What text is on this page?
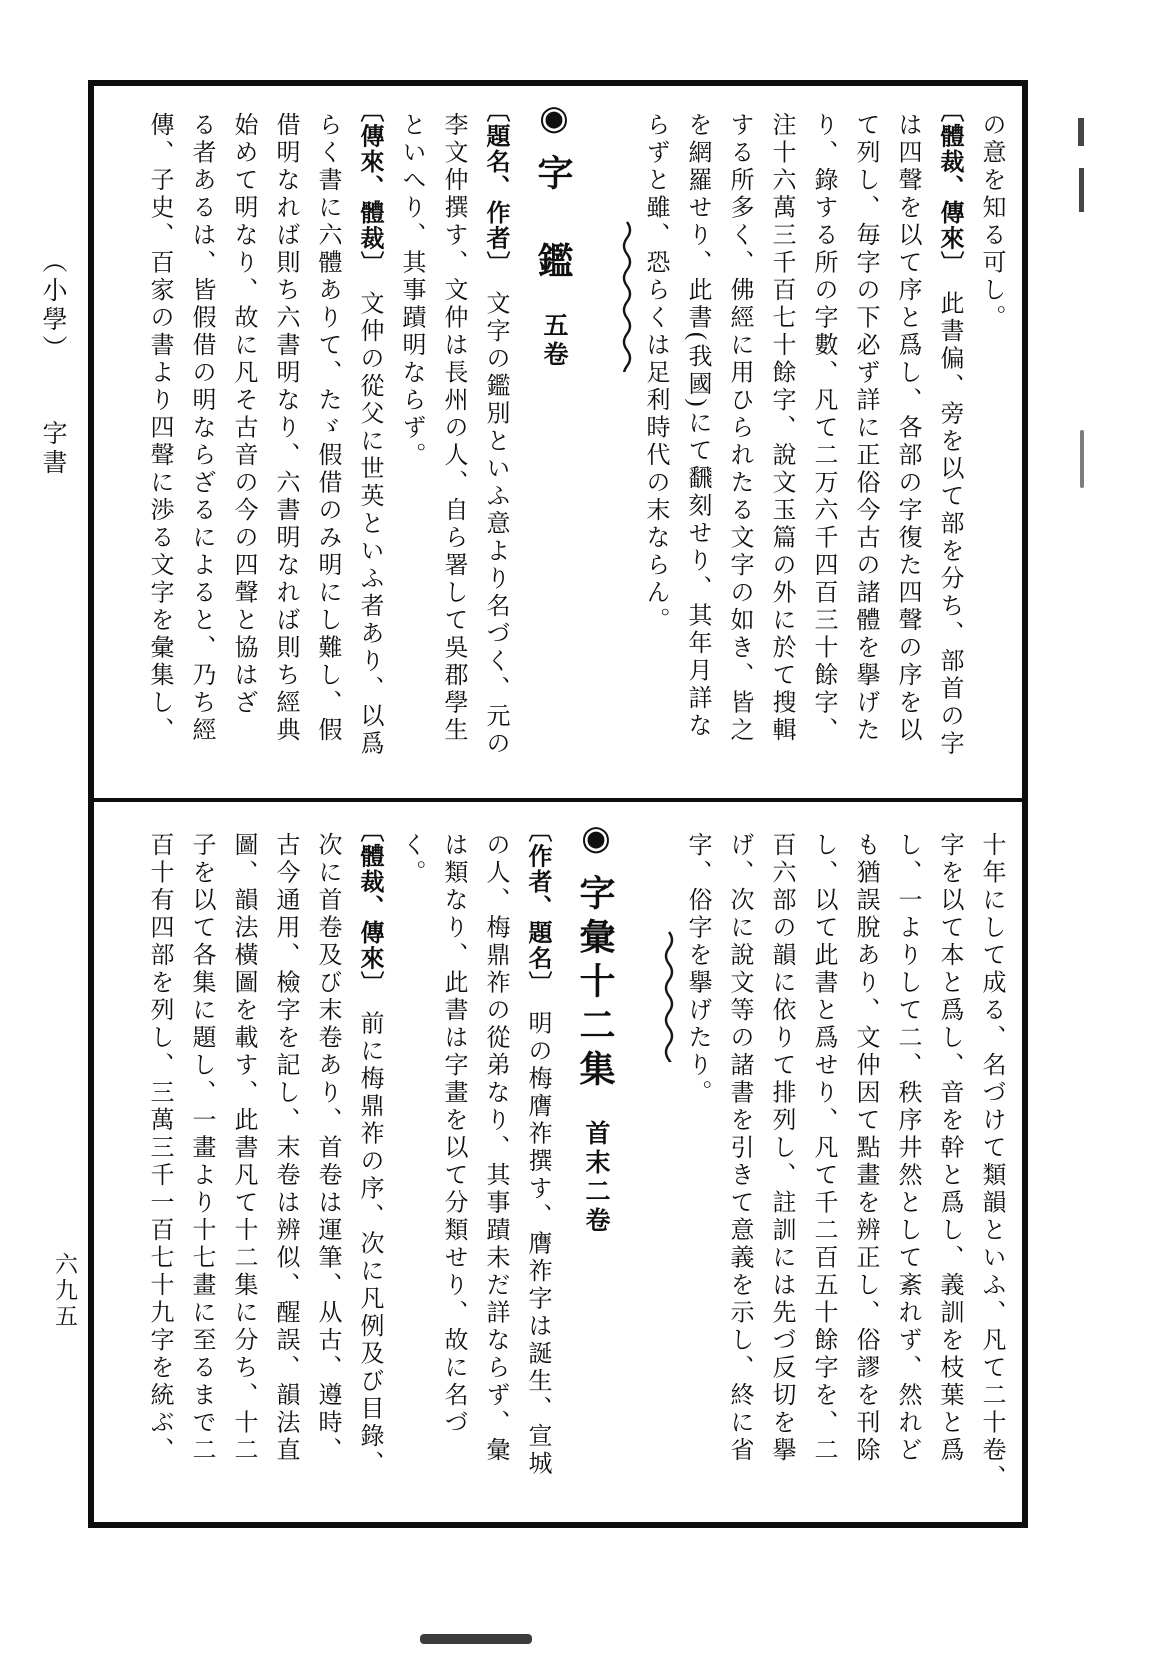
の意を知る可し。

〔體裁、傳來〕此書偏、旁を以て部を分ち、部首の字

は四聲を以て序と爲し、各部の字復た四聲の序を以

て列し、毎字の下必ず詳に正俗今古の諸體を擧げた

り、錄する所の字數、凡て二万六千四百三十餘字、

注十六萬三千百七十餘字、說文玉篇の外に於て搜輯

する所多く、佛經に用ひられたる文字の如き、皆之

を網羅せり、此書(我國)にて飜刻せり、其年月詳な

らずと雖、恐らくは足利時代の末ならん。

◉字　鑑五卷

〔題名、作者〕文字の鑑別といふ意より名づく、元の

李文仲撰す、文仲は長州の人、自ら署して吳郡學生

といへり、其事蹟明ならず。

〔傳來、體裁〕文仲の從父に世英といふ者あり、以爲

らく書に六體ありて、たゞ假借のみ明にし難し、假

借明なれば則ち六書明なり、六書明なれば則ち經典

始めて明なり、故に凡そ古音の今の四聲と協はざ

る者あるは、皆假借の明ならざるによると、乃ち經

傳、子史、百家の書より四聲に渉る文字を彙集し、

十年にして成る、名づけて類韻といふ、凡て二十卷、

字を以て本と爲し、音を幹と爲し、義訓を枝葉と爲

し、一よりして二、秩序井然として紊れず、然れど

も猶誤脫あり、文仲因て點畫を辨正し、俗謬を刊除

し、以て此書と爲せり、凡て千二百五十餘字を、二

百六部の韻に依りて排列し、註訓には先づ反切を擧

げ、次に說文等の諸書を引きて意義を示し、終に省

字、俗字を擧げたり。

◉字彙十二集首末二卷

〔作者、題名〕明の梅膺祚撰す、膺祚字は誕生、宣城

の人、梅鼎祚の從弟なり、其事蹟未だ詳ならず、彙

は類なり、此書は字畫を以て分類せり、故に名づ

く。

〔體裁、傳來〕前に梅鼎祚の序、次に凡例及び目錄、

次に首卷及び末卷あり、首卷は運筆、从古、遵時、

古今通用、檢字を記し、末卷は辨似、醒誤、韻法直

圖、韻法橫圖を載す、此書凡て十二集に分ち、十二

子を以て各集に題し、一畫より十七畫に至るまで二

百十有四部を列し、三萬三千一百七十九字を統ぶ、

（小學）字書
六九五
